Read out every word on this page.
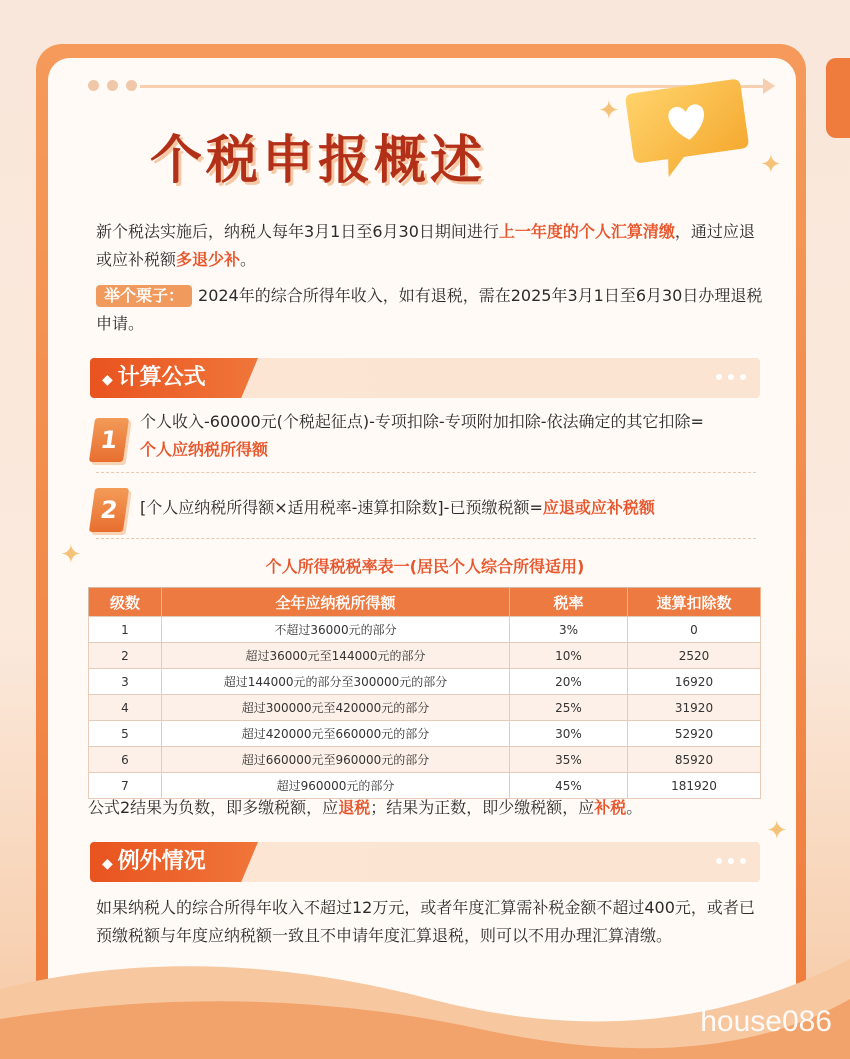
个税申报概述
✦
✦
新个税法实施后，纳税人每年3月1日至6月30日期间进行上一年度的个人汇算清缴，通过应退或应补税额多退少补。
举个栗子： 2024年的综合所得年收入，如有退税，需在2025年3月1日至6月30日办理退税申请。
◆ 计算公式
1
个人收入-60000元(个税起征点)-专项扣除-专项附加扣除-依法确定的其它扣除=
个人应纳税所得额
2	[个人应纳税所得额×适用税率-速算扣除数]-已预缴税额=应退或应补税额
✦	个人所得税税率表一(居民个人综合所得适用)
级数	全年应纳税所得额	税率	速算扣除数
1	不超过36000元的部分	3%	0
2	超过36000元至144000元的部分	10%	2520
3	超过144000元的部分至300000元的部分	20%	16920
4	超过300000元至420000元的部分	25%	31920
5	超过420000元至660000元的部分	30%	52920
6	超过660000元至960000元的部分	35%	85920
7	超过960000元的部分	45%	181920
公式2结果为负数，即多缴税额，应退税；结果为正数，即少缴税额，应补税。
✦
◆ 例外情况
如果纳税人的综合所得年收入不超过12万元，或者年度汇算需补税金额不超过400元，或者已预缴税额与年度应纳税额一致且不申请年度汇算退税，则可以不用办理汇算清缴。
house086
